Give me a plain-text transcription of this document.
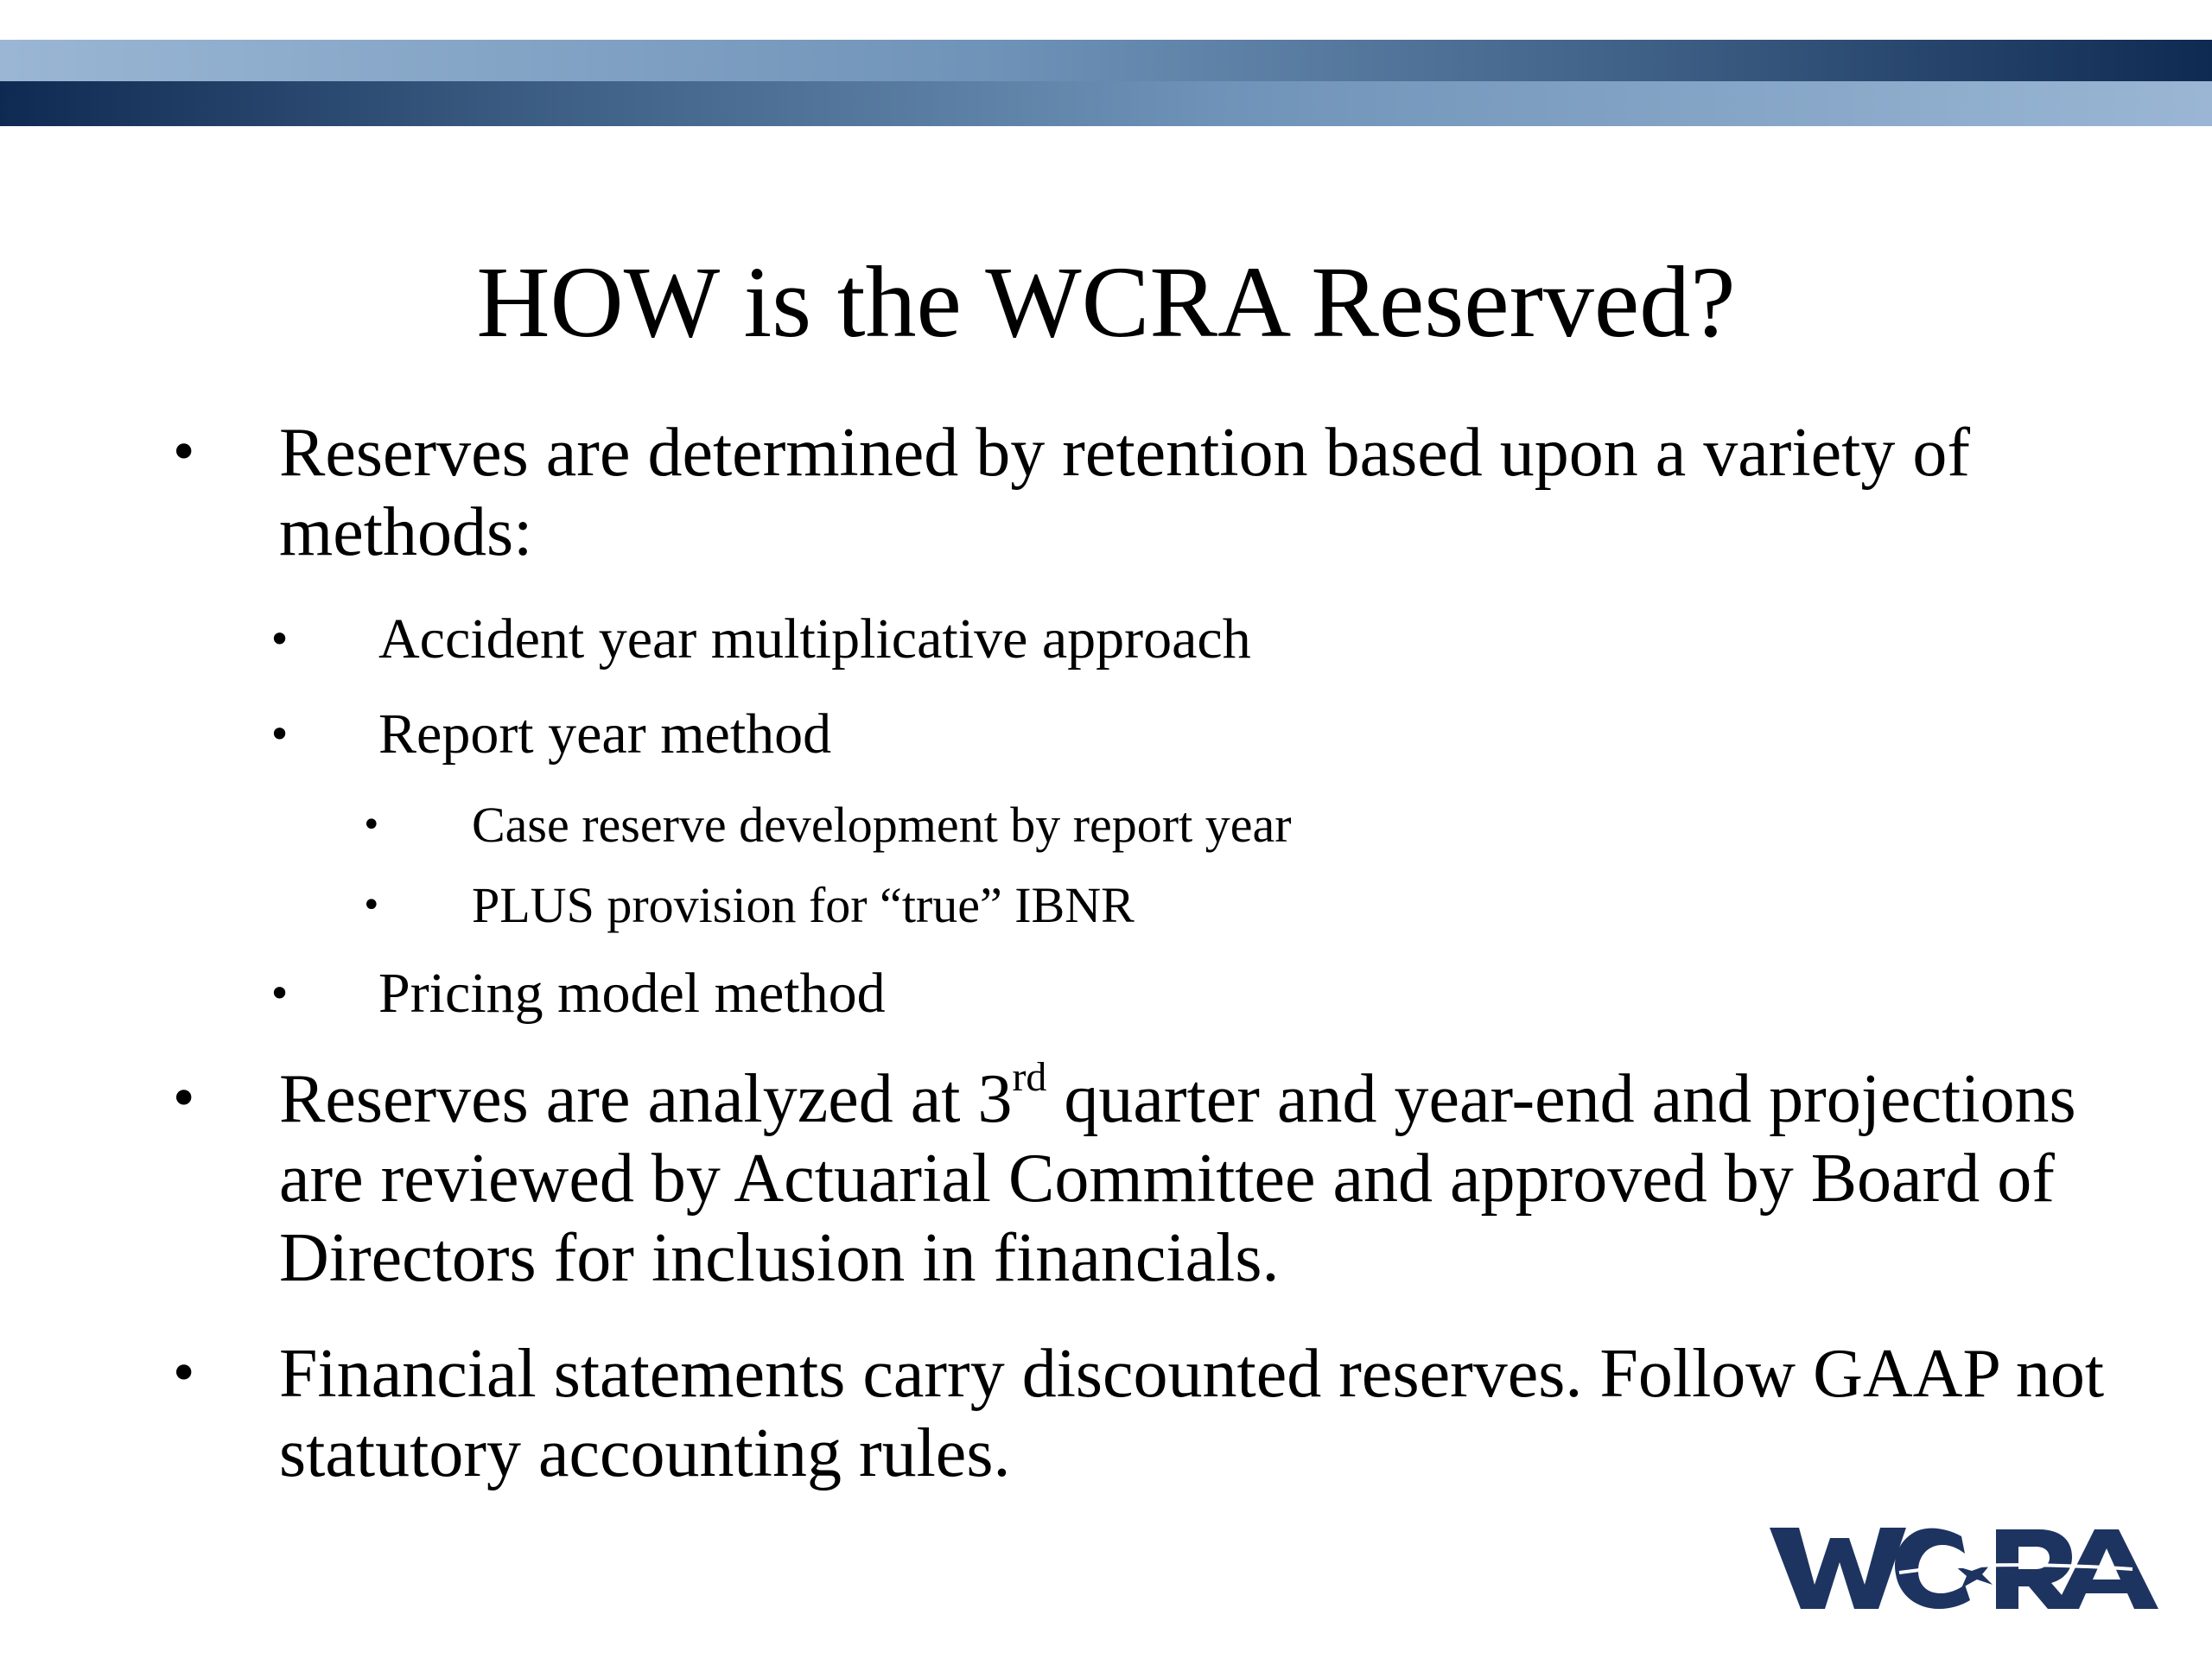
HOW is the WCRA Reserved?

• Reserves are determined by retention based upon a variety of methods:

• Accident year multiplicative approach

• Report year method

• Case reserve development by report year

• PLUS provision for “true” IBNR

• Pricing model method

• Reserves are analyzed at 3rd quarter and year-end and projections are reviewed by Actuarial Committee and approved by Board of Directors for inclusion in financials.

• Financial statements carry discounted reserves. Follow GAAP not statutory accounting rules.
